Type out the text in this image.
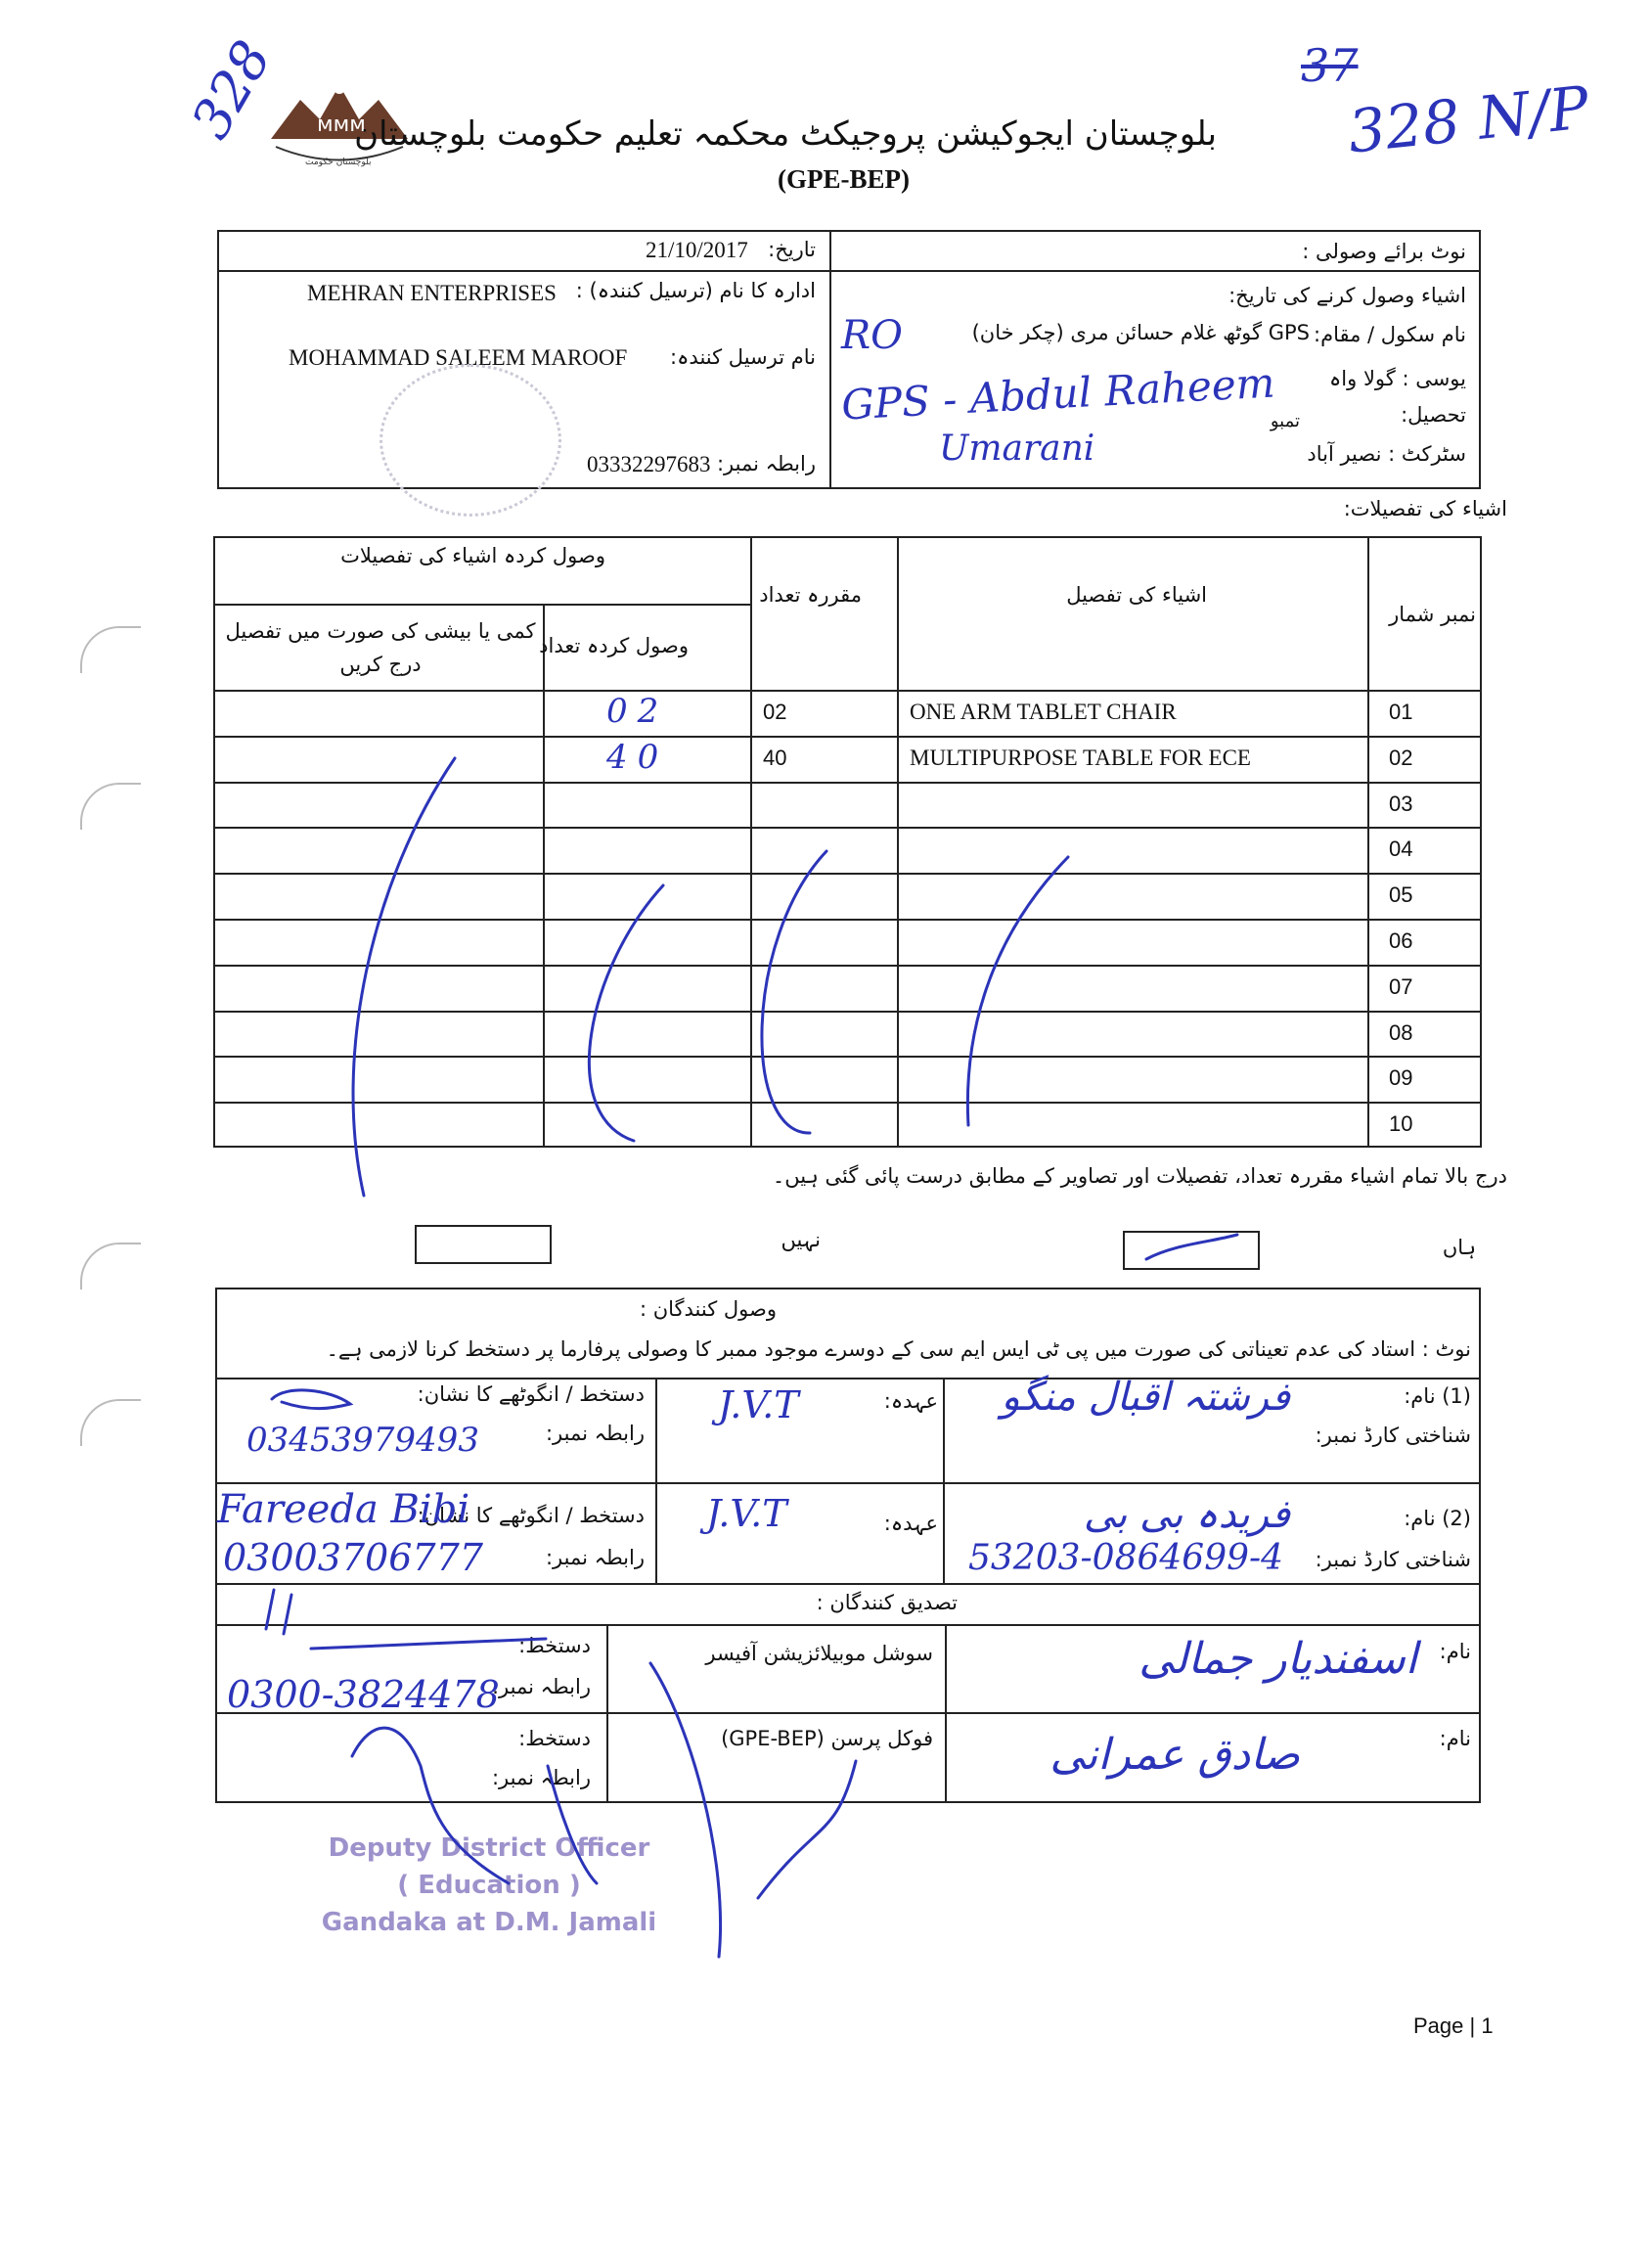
ᴍᴍᴍ
بلوچستان حکومت
328 بلوچستان ایجوکیشن پروجیکٹ محکمہ تعلیم حکومت بلوچستان
(GPE-BEP)
37
328 N/P
نوٹ برائے وصولی :
تاریخ:
21/10/2017
اشیاء وصول کرنے کی تاریخ:
ادارہ کا نام (ترسیل کنندہ) :
MEHRAN ENTERPRISES
نام سکول / مقام:
GPS گوٹھ غلام حسائن مری (چکر خان)
نام ترسیل کنندہ:
MOHAMMAD SALEEM MAROOF
یوسی : گولا واہ
تحصیل:
تمبو
سٹرکٹ : نصیر آباد
رابطہ نمبر:
03332297683
RO
GPS - Abdul Raheem
Umarani
اشیاء کی تفصیلات:
وصول کردہ اشیاء کی تفصیلات
کمی یا بیشی کی صورت میں تفصیل درج کریں
وصول کردہ تعداد
مقررہ تعداد	اشیاء کی تفصیل
نمبر شمار
01
ONE ARM TABLET CHAIR
02
02
02
MULTIPURPOSE TABLE FOR ECE
40
40
03
04
05
06
07
08
09
10
درج بالا تمام اشیاء مقررہ تعداد، تفصیلات اور تصاویر کے مطابق درست پائی گئی ہیں۔
ہاں
نہیں
وصول کنندگان :
نوٹ : استاد کی عدم تعیناتی کی صورت میں پی ٹی ایس ایم سی کے دوسرے موجود ممبر کا وصولی پرفارما پر دستخط کرنا لازمی ہے۔
(1) نام:
شناختی کارڈ نمبر:
عہدہ:
دستخط / انگوٹھے کا نشان:
رابطہ نمبر:
فرشتہ اقبال منگو
J.V.T
03453979493
(2) نام:
شناختی کارڈ نمبر:
عہدہ:
دستخط / انگوٹھے کا نشان:
رابطہ نمبر:
فریدہ بی بی
J.V.T
53203-0864699-4
Fareeda Bibi
03003706777
تصدیق کنندگان :
نام:
سوشل موبیلائزیشن آفیسر
دستخط:
رابطہ نمبر:
اسفندیار جمالی
0300-3824478
نام:
فوکل پرسن (GPE-BEP)
دستخط:
رابطہ نمبر:	صادق عمرانی
Deputy District Officer
( Education )
Gandaka at D.M. Jamali
Page | 1
